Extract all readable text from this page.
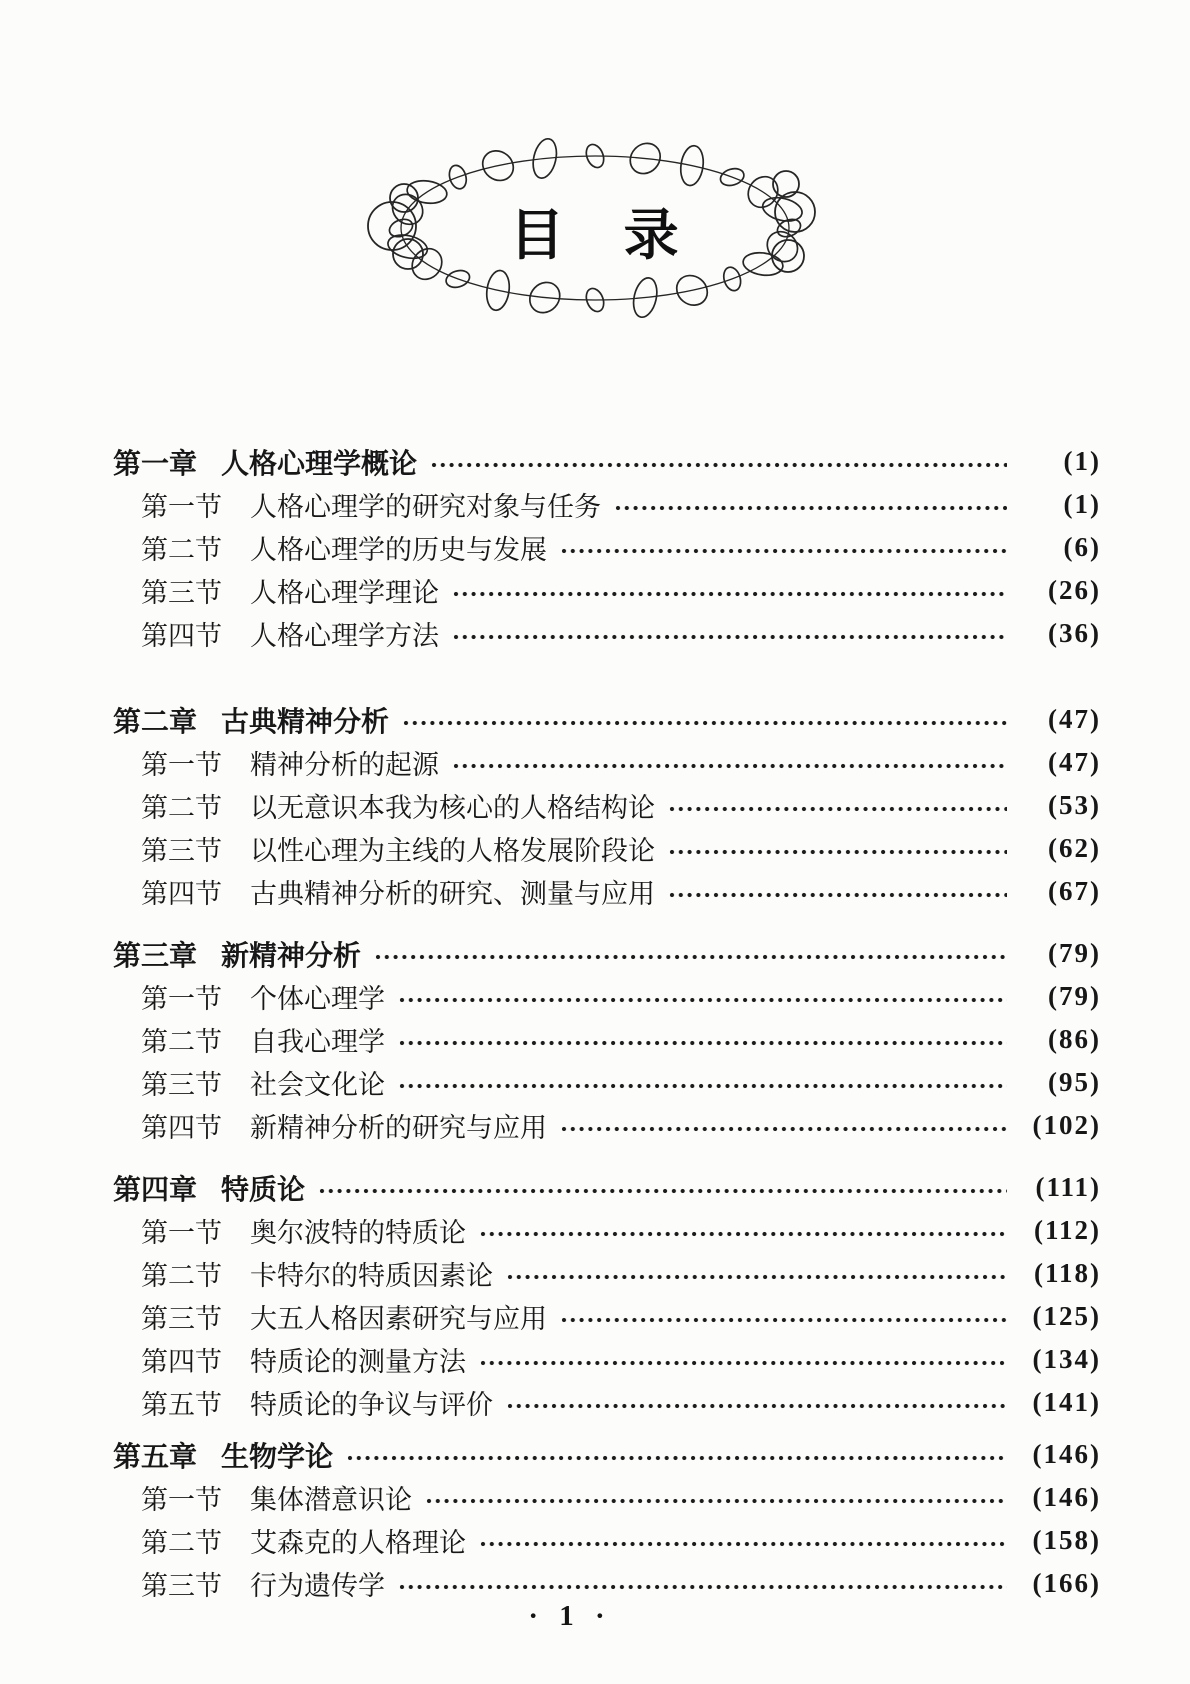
目 录
第一章 人格心理学概论	(1)
第一节 人格心理学的研究对象与任务	(1)
第二节 人格心理学的历史与发展	(6)
第三节 人格心理学理论	(26)
第四节 人格心理学方法	(36)
第二章 古典精神分析	(47)
第一节 精神分析的起源	(47)
第二节 以无意识本我为核心的人格结构论	(53)
第三节 以性心理为主线的人格发展阶段论	(62)
第四节 古典精神分析的研究、测量与应用	(67)
第三章 新精神分析	(79)
第一节 个体心理学	(79)
第二节 自我心理学	(86)
第三节 社会文化论	(95)
第四节 新精神分析的研究与应用	(102)
第四章 特质论	(111)
第一节 奥尔波特的特质论	(112)
第二节 卡特尔的特质因素论	(118)
第三节 大五人格因素研究与应用	(125)
第四节 特质论的测量方法	(134)
第五节 特质论的争议与评价	(141)
第五章 生物学论	(146)
第一节 集体潜意识论	(146)
第二节 艾森克的人格理论	(158)
第三节 行为遗传学	(166)
· 1 ·
